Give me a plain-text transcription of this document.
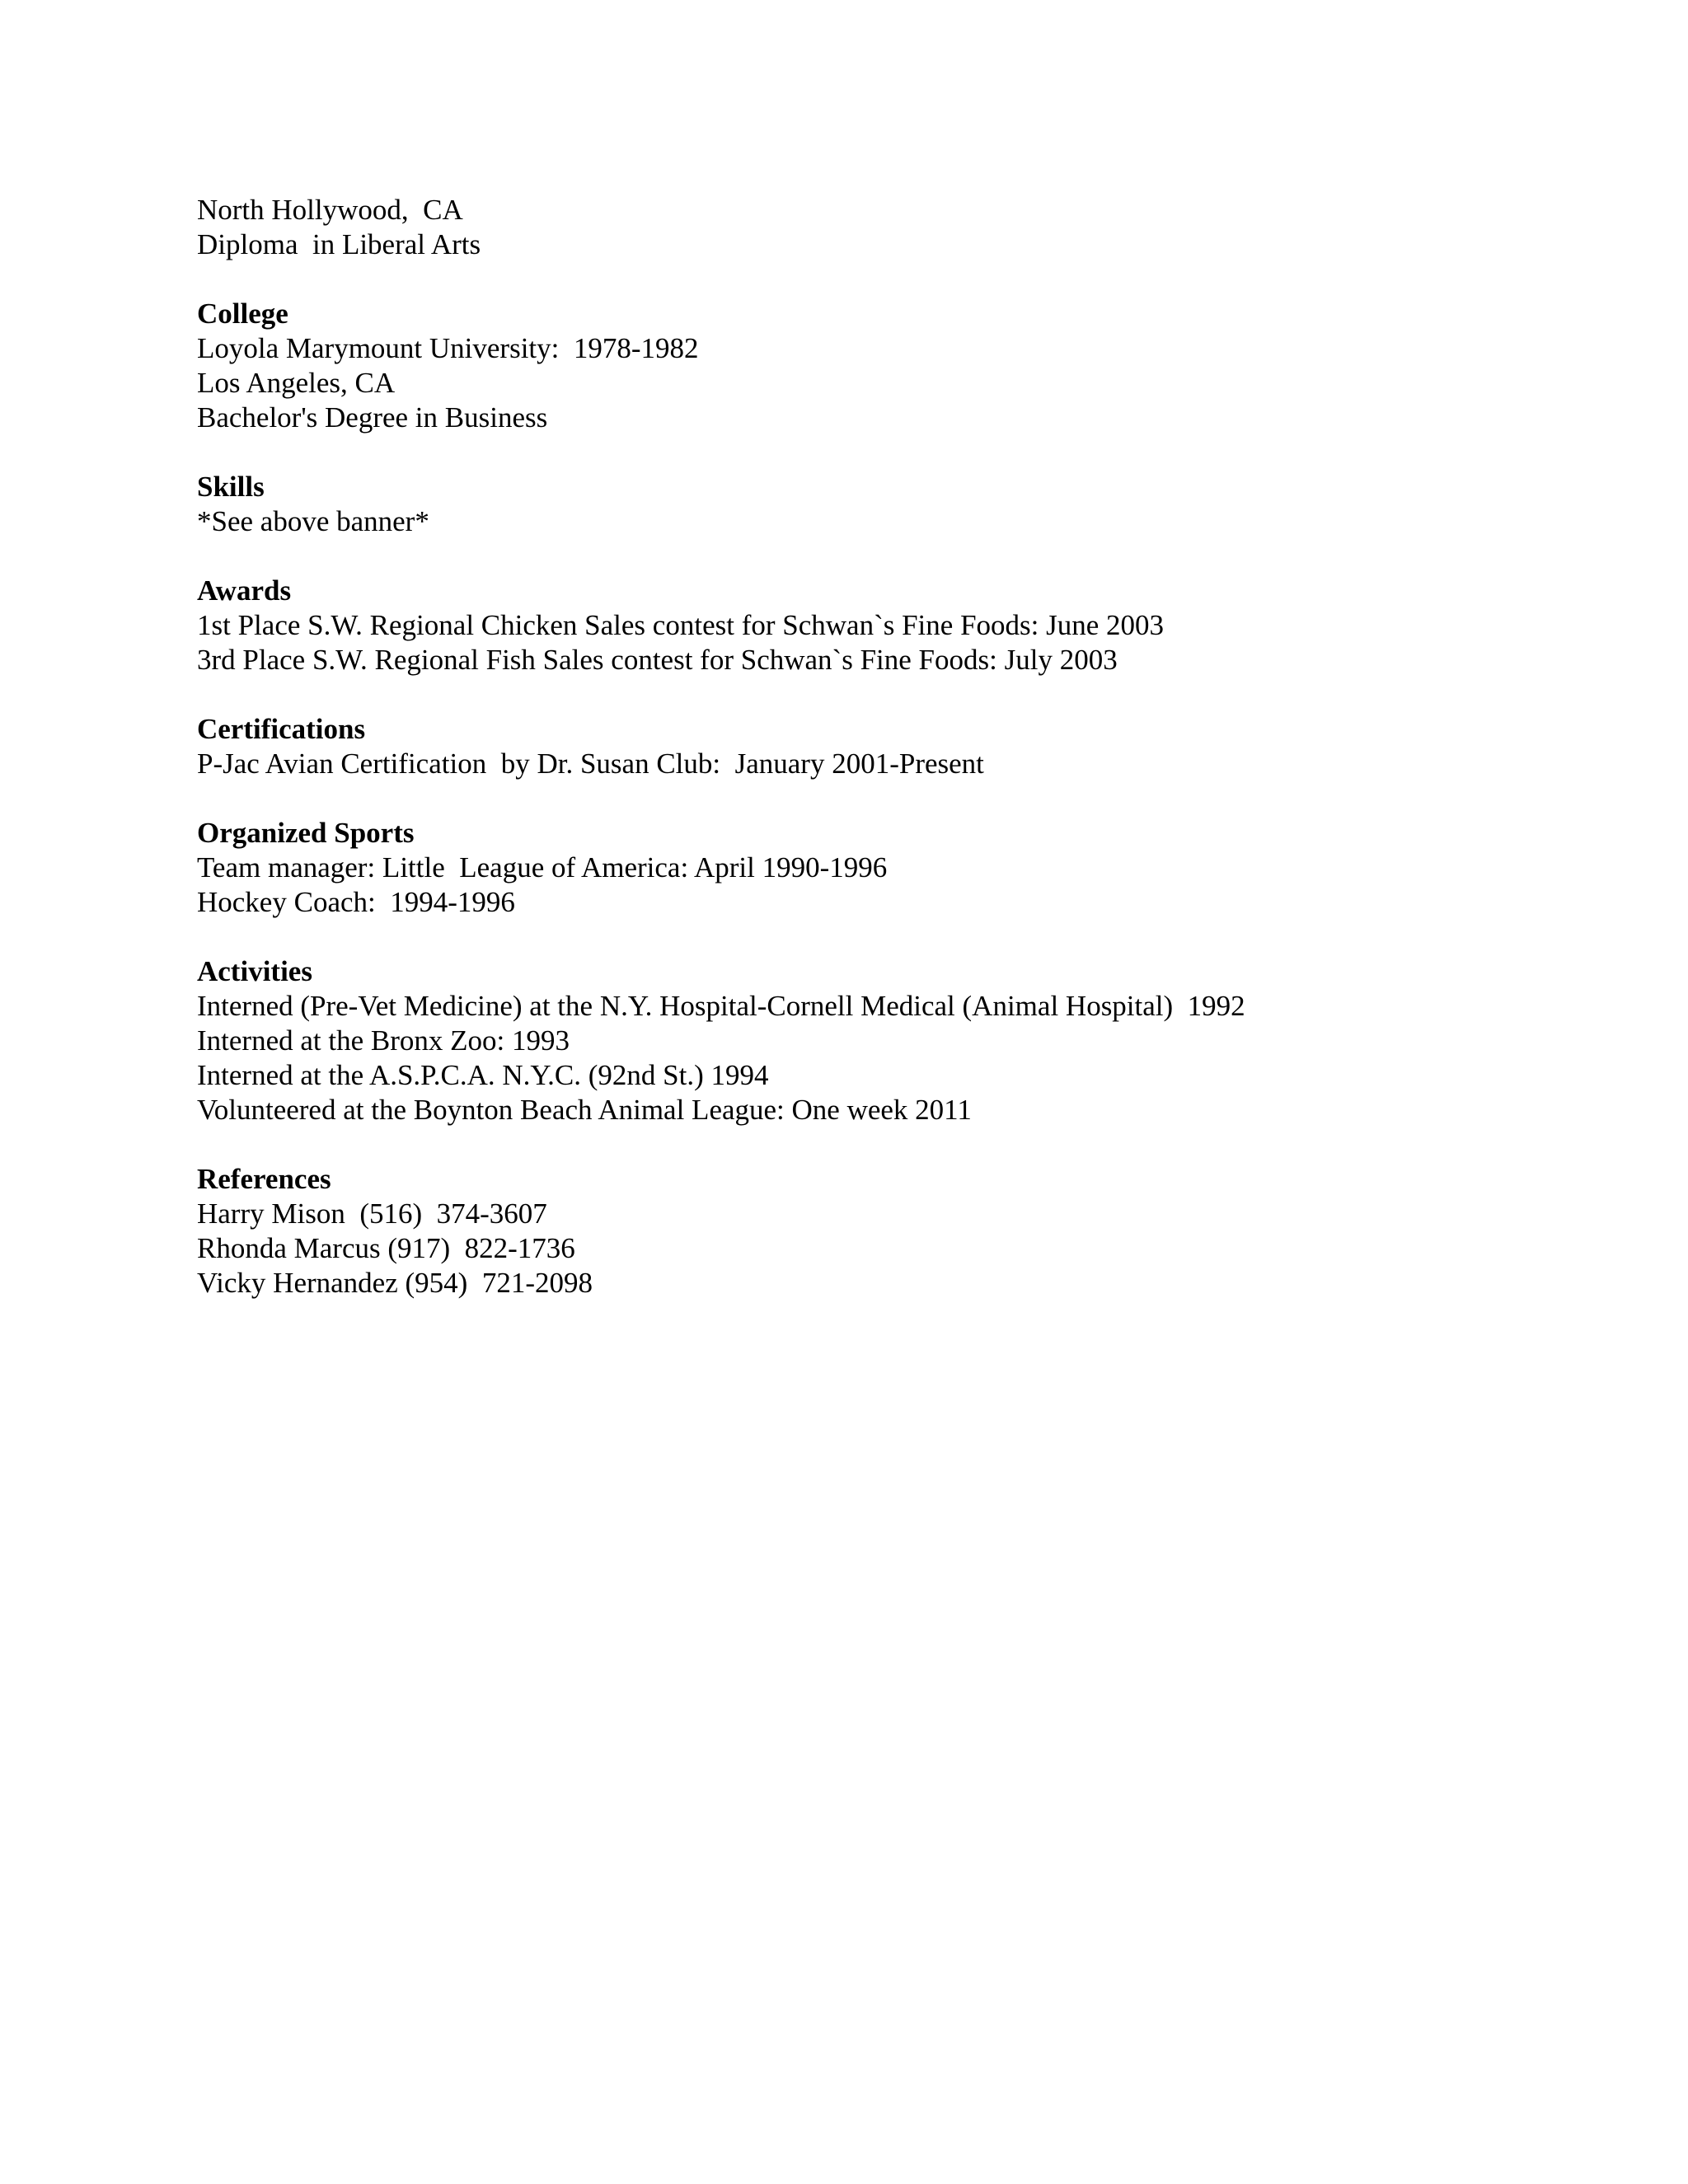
North Hollywood,  CA
Diploma  in Liberal Arts
College
Loyola Marymount University:  1978-1982
Los Angeles, CA
Bachelor's Degree in Business
Skills
*See above banner*
Awards
1st Place S.W. Regional Chicken Sales contest for Schwan`s Fine Foods: June 2003
3rd Place S.W. Regional Fish Sales contest for Schwan`s Fine Foods: July 2003
Certifications
P-Jac Avian Certification  by Dr. Susan Club:  January 2001-Present
Organized Sports
Team manager: Little  League of America: April 1990-1996
Hockey Coach:  1994-1996
Activities
Interned (Pre-Vet Medicine) at the N.Y. Hospital-Cornell Medical (Animal Hospital)  1992
Interned at the Bronx Zoo: 1993
Interned at the A.S.P.C.A. N.Y.C. (92nd St.) 1994
Volunteered at the Boynton Beach Animal League: One week 2011
References
Harry Mison  (516)  374-3607
Rhonda Marcus (917)  822-1736
Vicky Hernandez (954)  721-2098
